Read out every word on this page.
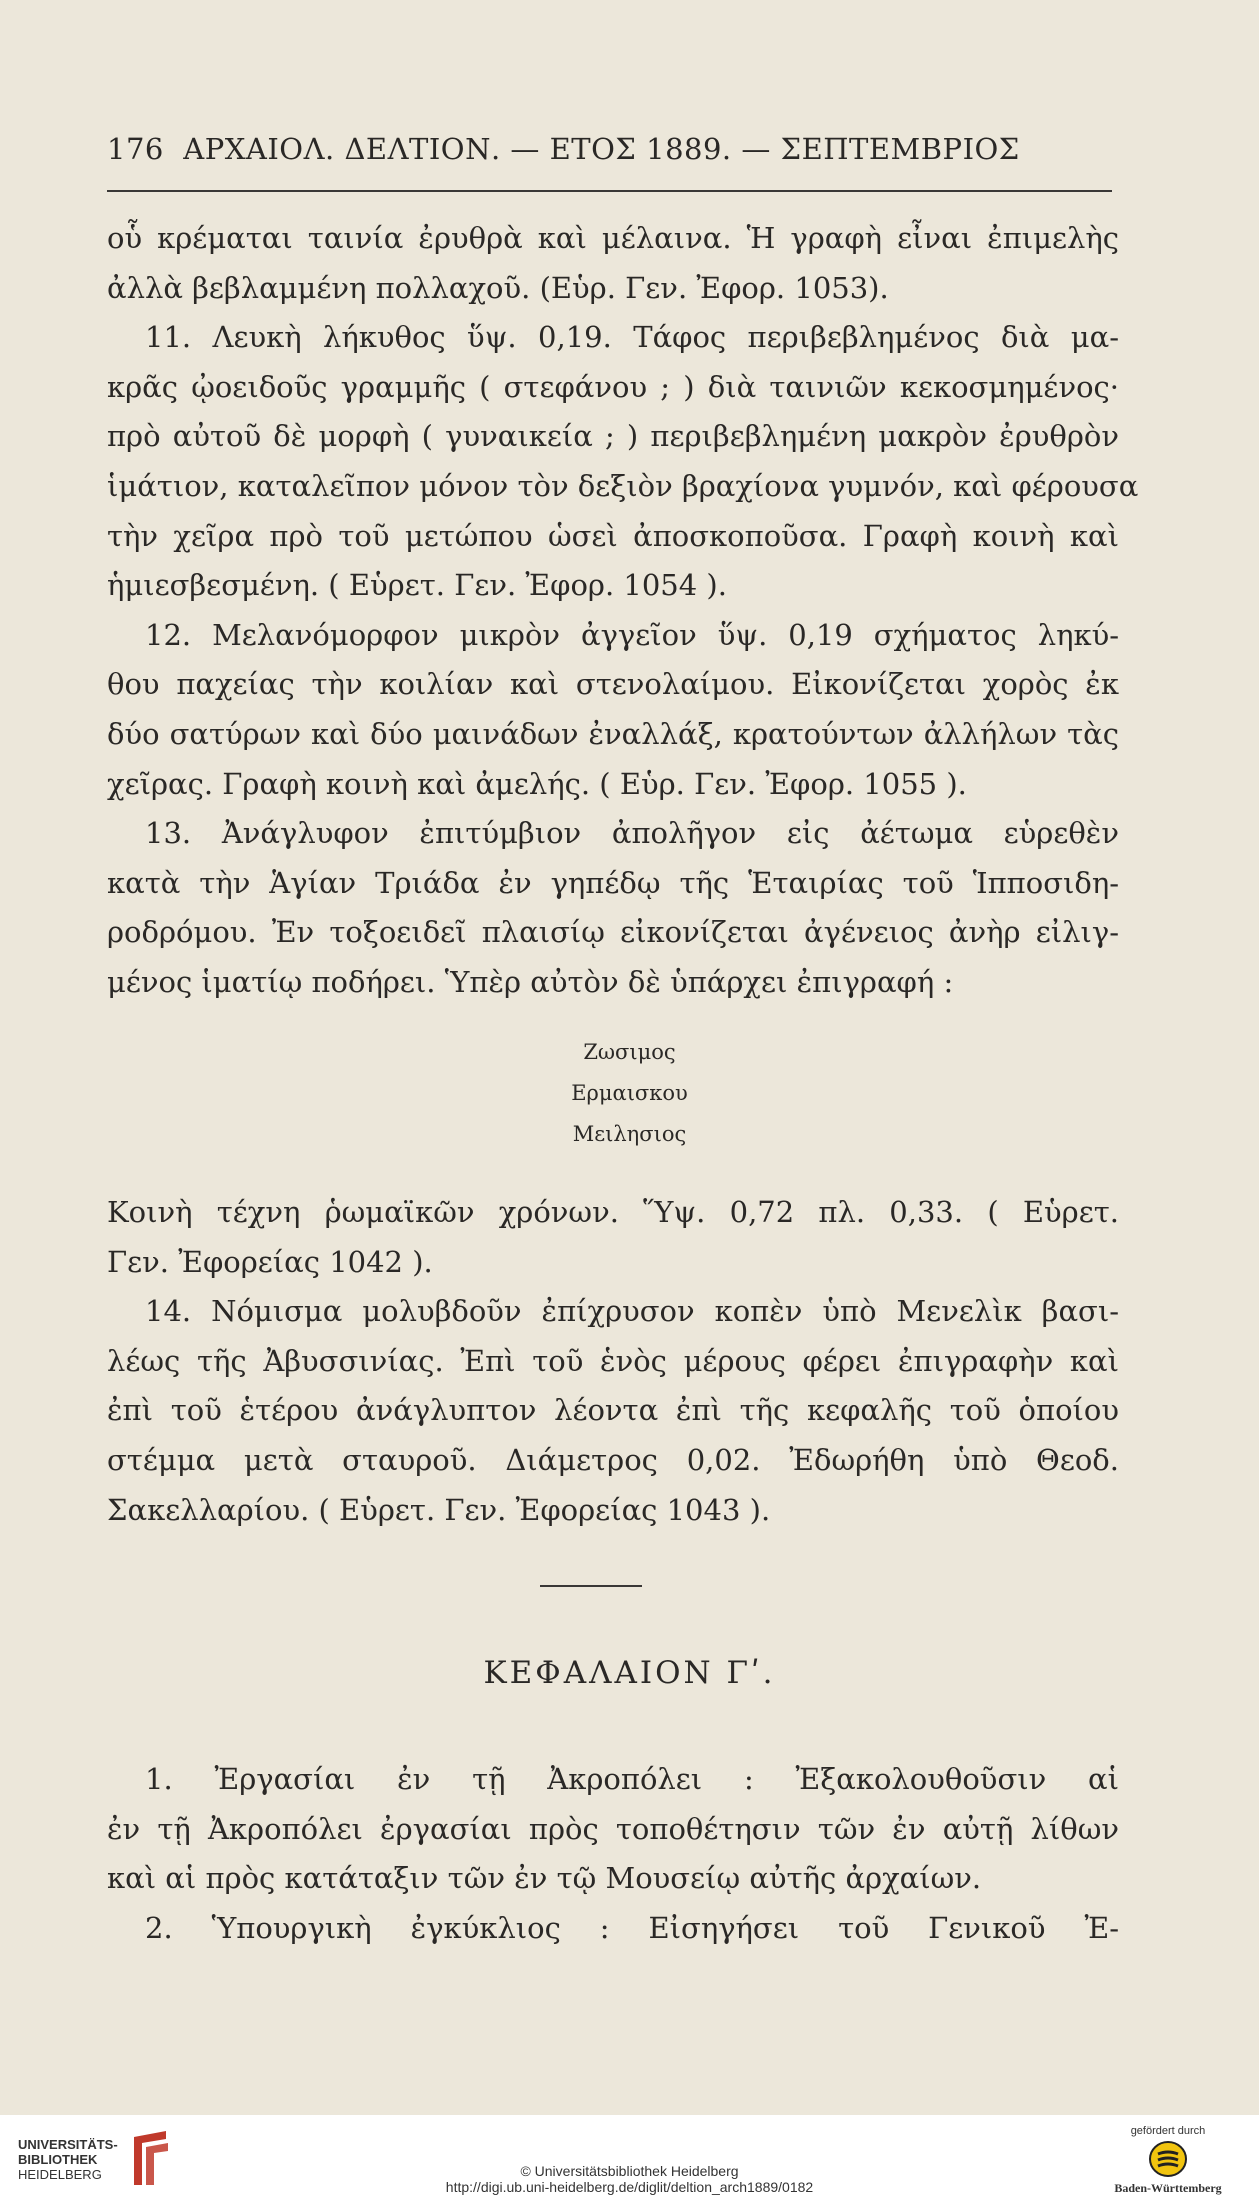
176 ΑΡΧΑΙΟΛ. ΔΕΛΤΙΟΝ. — ΕΤΟΣ 1889. — ΣΕΠΤΕΜΒΡΙΟΣ
οὗ κρέμαται ταινία ἐρυθρὰ καὶ μέλαινα. Ἡ γραφὴ εἶναι ἐπιμελὴς
ἀλλὰ βεβλαμμένη πολλαχοῦ. (Εὑρ. Γεν. Ἐφορ. 1053).
11. Λευκὴ λήκυθος ὕψ. 0,19. Τάφος περιβεβλημένος διὰ μα-
κρᾶς ᾠοειδοῦς γραμμῆς ( στεφάνου ; ) διὰ ταινιῶν κεκοσμημένος·
πρὸ αὐτοῦ δὲ μορφὴ ( γυναικεία ; ) περιβεβλημένη μακρὸν ἐρυθρὸν
ἱμάτιον, καταλεῖπον μόνον τὸν δεξιὸν βραχίονα γυμνόν, καὶ φέρουσα
τὴν χεῖρα πρὸ τοῦ μετώπου ὡσεὶ ἀποσκοποῦσα. Γραφὴ κοινὴ καὶ
ἡμιεσβεσμένη. ( Εὑρετ. Γεν. Ἐφορ. 1054 ).
12. Μελανόμορφον μικρὸν ἀγγεῖον ὕψ. 0,19 σχήματος ληκύ-
θου παχείας τὴν κοιλίαν καὶ στενολαίμου. Εἰκονίζεται χορὸς ἐκ
δύο σατύρων καὶ δύο μαινάδων ἐναλλάξ, κρατούντων ἀλλήλων τὰς
χεῖρας. Γραφὴ κοινὴ καὶ ἀμελής. ( Εὑρ. Γεν. Ἐφορ. 1055 ).
13. Ἀνάγλυφον ἐπιτύμβιον ἀπολῆγον εἰς ἀέτωμα εὑρεθὲν
κατὰ τὴν Ἁγίαν Τριάδα ἐν γηπέδῳ τῆς Ἑταιρίας τοῦ Ἱπποσιδη-
ροδρόμου. Ἐν τοξοειδεῖ πλαισίῳ εἰκονίζεται ἀγένειος ἀνὴρ εἰλιγ-
μένος ἱματίῳ ποδήρει. Ὑπὲρ αὐτὸν δὲ ὑπάρχει ἐπιγραφή :
Ζωσιμος
Ερμαισκου
Μειλησιος
Κοινὴ τέχνη ῥωμαϊκῶν χρόνων. Ὕψ. 0,72 πλ. 0,33. ( Εὑρετ.
Γεν. Ἐφορείας 1042 ).
14. Νόμισμα μολυβδοῦν ἐπίχρυσον κοπὲν ὑπὸ Μενελὶκ βασι-
λέως τῆς Ἀβυσσινίας. Ἐπὶ τοῦ ἑνὸς μέρους φέρει ἐπιγραφὴν καὶ
ἐπὶ τοῦ ἑτέρου ἀνάγλυπτον λέοντα ἐπὶ τῆς κεφαλῆς τοῦ ὁποίου
στέμμα μετὰ σταυροῦ. Διάμετρος 0,02. Ἐδωρήθη ὑπὸ Θεοδ.
Σακελλαρίου. ( Εὑρετ. Γεν. Ἐφορείας 1043 ).
ΚΕΦΑΛΑΙΟΝ Γʹ.
1. Ἐργασίαι ἐν τῇ Ἀκροπόλει : Ἐξακολουθοῦσιν αἱ
ἐν τῇ Ἀκροπόλει ἐργασίαι πρὸς τοποθέτησιν τῶν ἐν αὐτῇ λίθων
καὶ αἱ πρὸς κατάταξιν τῶν ἐν τῷ Μουσείῳ αὐτῆς ἀρχαίων.
2. Ὑπουργικὴ ἐγκύκλιος : Εἰσηγήσει τοῦ Γενικοῦ Ἐ-
UNIVERSITÄTS-
BIBLIOTHEK
HEIDELBERG	© Universitätsbibliothek Heidelberg
http://digi.ub.uni-heidelberg.de/diglit/deltion_arch1889/0182
gefördert durch
Baden-Württemberg
